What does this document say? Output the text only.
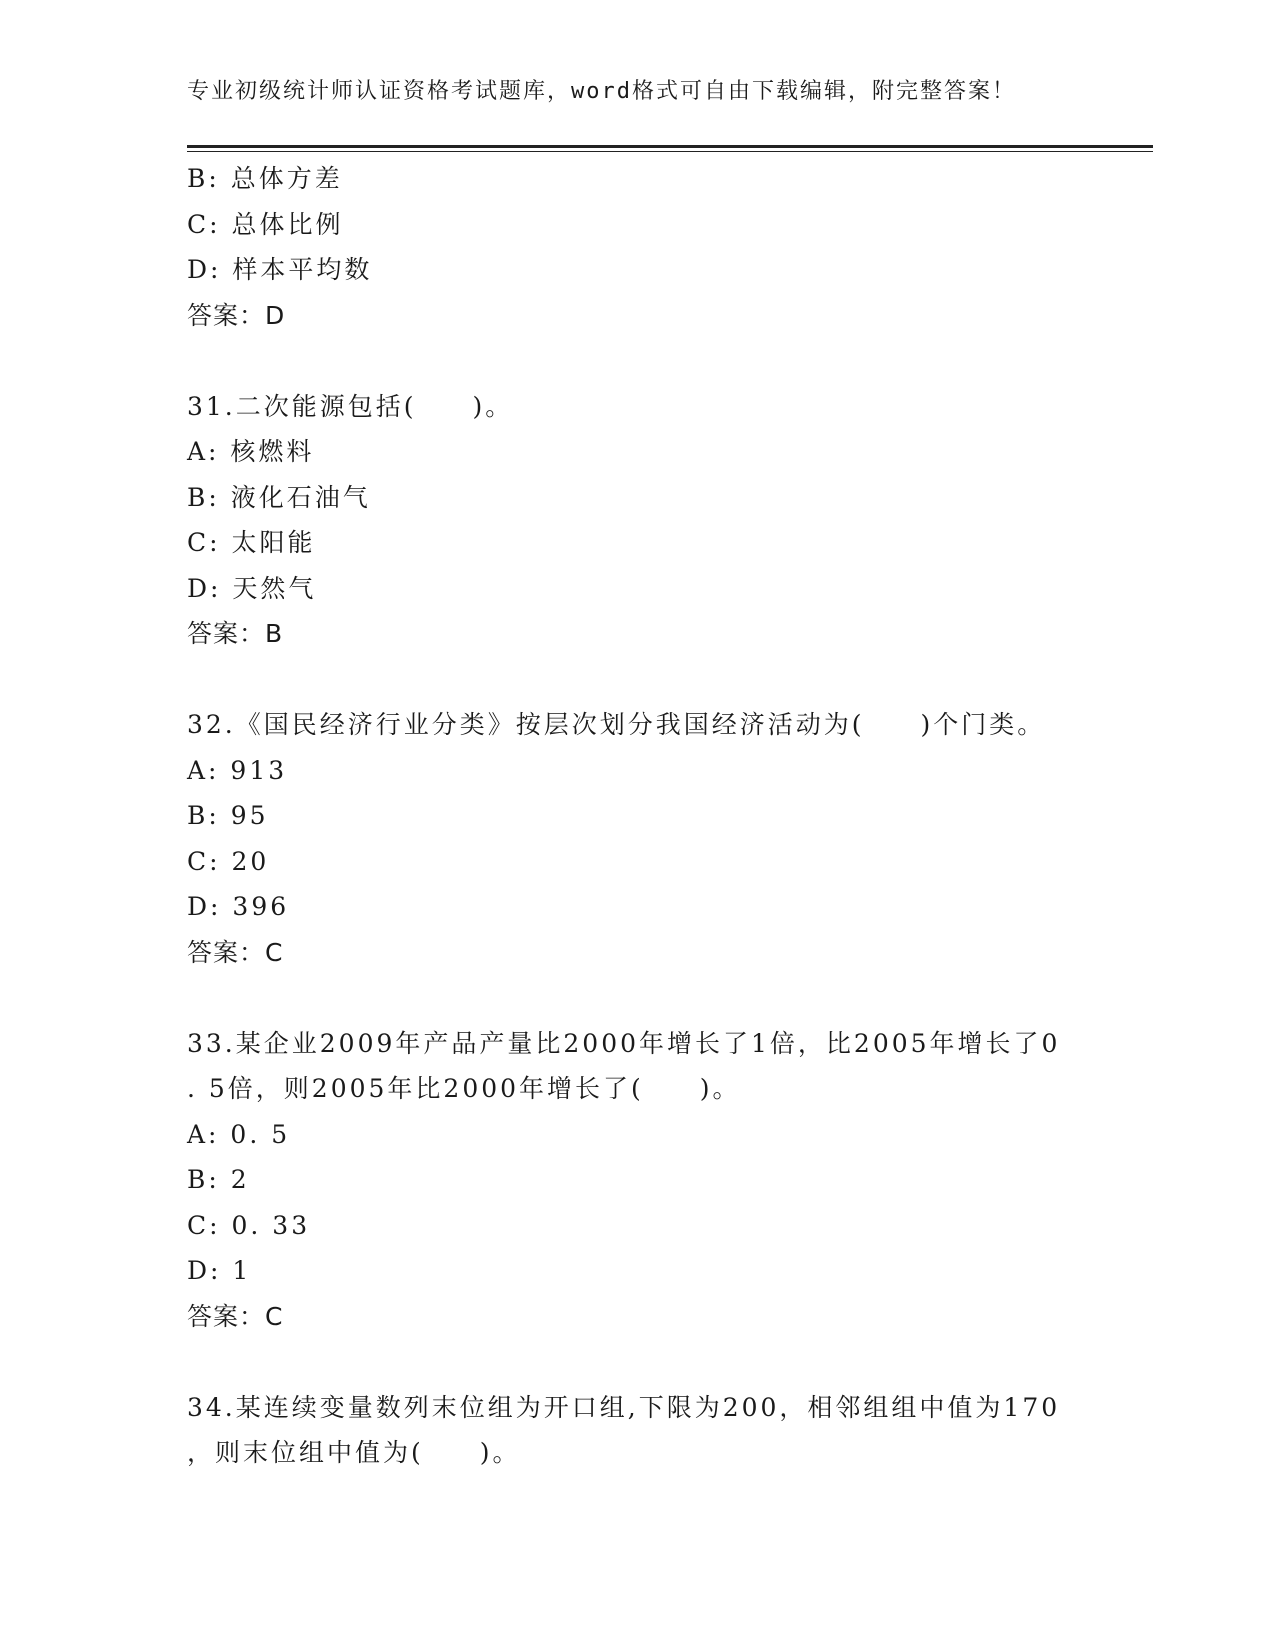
专业初级统计师认证资格考试题库，word格式可自由下载编辑，附完整答案！
B: 总体方差
C: 总体比例
D: 样本平均数
答案：D
31.二次能源包括(　　)。
A: 核燃料
B: 液化石油气
C: 太阳能
D: 天然气
答案：B
32.《国民经济行业分类》按层次划分我国经济活动为(　　)个门类。
A: 913
B: 95
C: 20
D: 396
答案：C
33.某企业2009年产品产量比2000年增长了1倍，比2005年增长了0
. 5倍，则2005年比2000年增长了(　　)。
A: 0. 5
B: 2
C: 0. 33
D: 1
答案：C
34.某连续变量数列末位组为开口组,下限为200，相邻组组中值为170
，则末位组中值为(　　)。
